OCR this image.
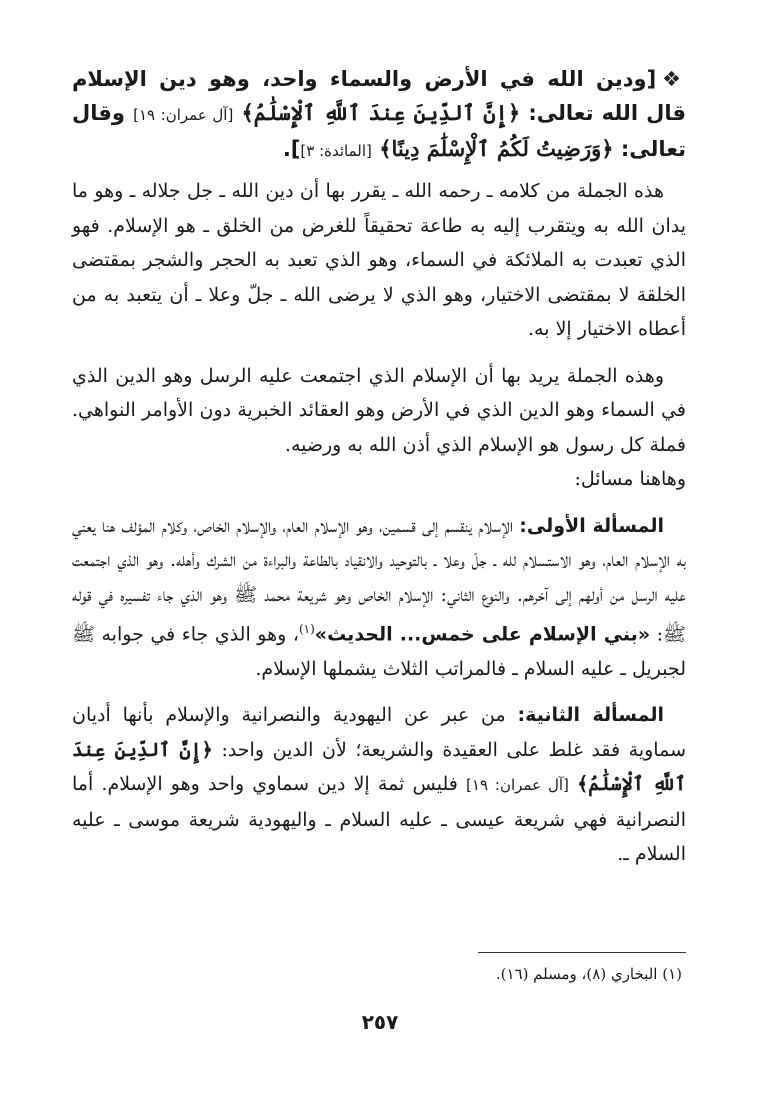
❖[ودين الله في الأرض والسماء واحد، وهو دين الإسلام قال الله تعالى: ﴿إِنَّ ٱلدِّينَ عِندَ ٱللَّهِ ٱلْإِسْلَٰمُ﴾ [آل عمران: ١٩] وقال تعالى: ﴿وَرَضِيتُ لَكُمُ ٱلْإِسْلَٰمَ دِينًا﴾ [المائدة: ٣]].

هذه الجملة من كلامه ـ رحمه الله ـ يقرر بها أن دين الله ـ جل جلاله ـ وهو ما يدان الله به ويتقرب إليه به طاعة تحقيقاً للغرض من الخلق ـ هو الإسلام. فهو الذي تعبدت به الملائكة في السماء، وهو الذي تعبد به الحجر والشجر بمقتضى الخلقة لا بمقتضى الاختيار، وهو الذي لا يرضى الله ـ جلّ وعلا ـ أن يتعبد به من أعطاه الاختيار إلا به.

وهذه الجملة يريد بها أن الإسلام الذي اجتمعت عليه الرسل وهو الدين الذي في السماء وهو الدين الذي في الأرض وهو العقائد الخبرية دون الأوامر النواهي. فملة كل رسول هو الإسلام الذي أذن الله به ورضيه.
وهاهنا مسائل:

المسألة الأولى: الإسلام ينقسم إلى قسمين، وهو الإسلام العام، والإسلام الخاص، وكلام المؤلف هنا يعني به الإسلام العام، وهو الاستسلام لله ـ جلّ وعلا ـ بالتوحيد والانقياد بالطاعة والبراءة من الشرك وأهله. وهو الذي اجتمعت عليه الرسل من أولهم إلى آخرهم. والنوع الثاني: الإسلام الخاص وهو شريعة محمد ﷺ وهو الذي جاء تفسيره في قوله ﷺ: «بني الإسلام على خمس... الحديث»$^{(١)}$، وهو الذي جاء في جوابه ﷺ لجبريل ـ عليه السلام ـ فالمراتب الثلاث يشملها الإسلام.

المسألة الثانية: من عبر عن اليهودية والنصرانية والإسلام بأنها أديان سماوية فقد غلط على العقيدة والشريعة؛ لأن الدين واحد: ﴿إِنَّ ٱلدِّينَ عِندَ ٱللَّهِ ٱلْإِسْلَٰمُ﴾ [آل عمران: ١٩] فليس ثمة إلا دين سماوي واحد وهو الإسلام. أما النصرانية فهي شريعة عيسى ـ عليه السلام ـ واليهودية شريعة موسى ـ عليه السلام ـ.

(١) البخاري (٨)، ومسلم (١٦).
٢٥٧
